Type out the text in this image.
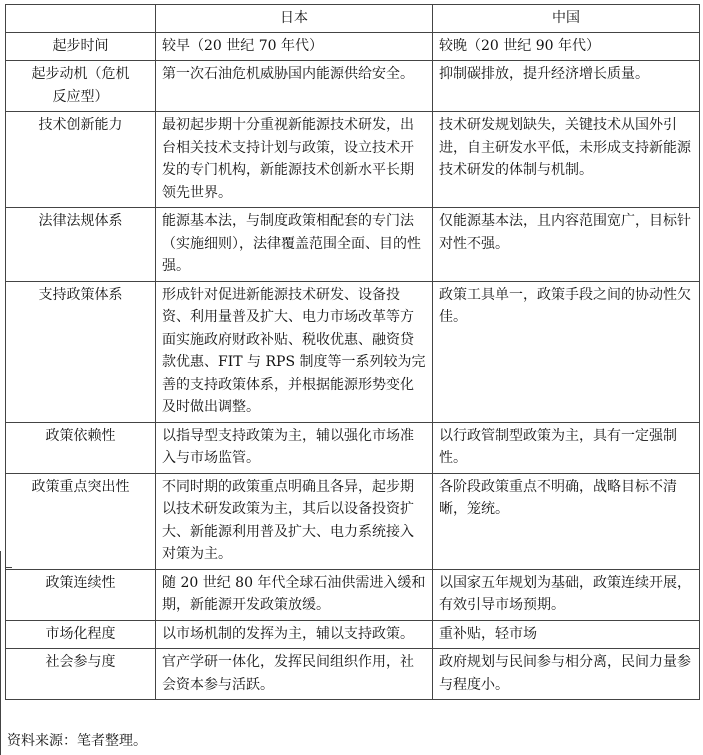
	日本	中国
起步时间	较早（20 世纪 70 年代）	较晚（20 世纪 90 年代）
起步动机（危机反应型）	第一次石油危机威胁国内能源供给安全。	抑制碳排放，提升经济增长质量。
技术创新能力	最初起步期十分重视新能源技术研发，出台相关技术支持计划与政策，设立技术开发的专门机构，新能源技术创新水平长期领先世界。	技术研发规划缺失，关键技术从国外引进，自主研发水平低，未形成支持新能源技术研发的体制与机制。
法律法规体系	能源基本法，与制度政策相配套的专门法（实施细则），法律覆盖范围全面、目的性强。	仅能源基本法，且内容范围宽广，目标针对性不强。
支持政策体系	形成针对促进新能源技术研发、设备投资、利用量普及扩大、电力市场改革等方面实施政府财政补贴、税收优惠、融资贷款优惠、FIT 与 RPS 制度等一系列较为完善的支持政策体系，并根据能源形势变化及时做出调整。	政策工具单一，政策手段之间的协动性欠佳。
政策依赖性	以指导型支持政策为主，辅以强化市场准入与市场监管。	以行政管制型政策为主，具有一定强制性。
政策重点突出性	不同时期的政策重点明确且各异，起步期以技术研发政策为主，其后以设备投资扩大、新能源利用普及扩大、电力系统接入对策为主。	各阶段政策重点不明确，战略目标不清晰，笼统。
政策连续性	随 20 世纪 80 年代全球石油供需进入缓和期，新能源开发政策放缓。	以国家五年规划为基础，政策连续开展，有效引导市场预期。
市场化程度	以市场机制的发挥为主，辅以支持政策。	重补贴，轻市场
社会参与度	官产学研一体化，发挥民间组织作用，社会资本参与活跃。	政府规划与民间参与相分离，民间力量参与程度小。
资料来源：笔者整理。
